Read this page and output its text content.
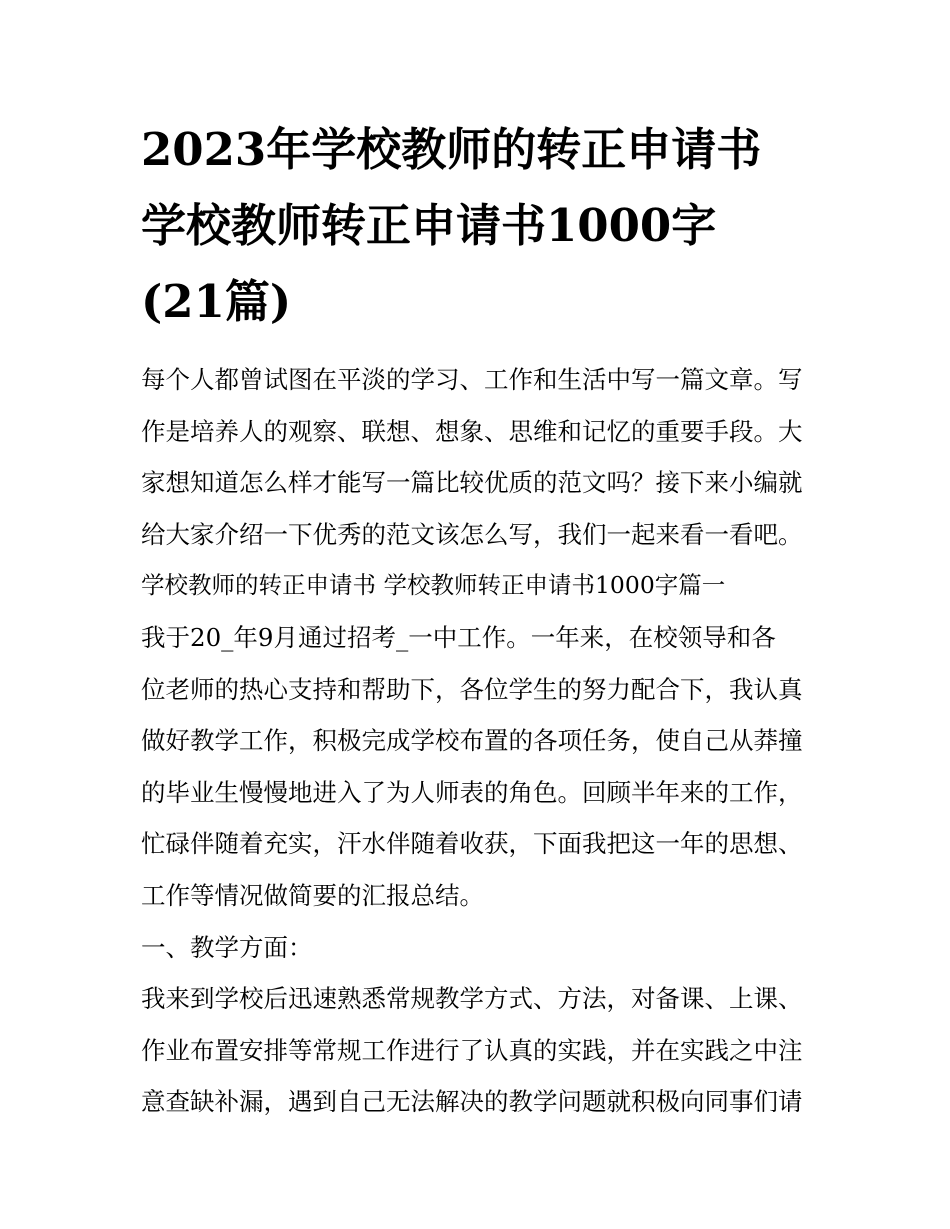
2023年学校教师的转正申请书
学校教师转正申请书1000字
(21篇)
每个人都曾试图在平淡的学习、工作和生活中写一篇文章。写
作是培养人的观察、联想、想象、思维和记忆的重要手段。大
家想知道怎么样才能写一篇比较优质的范文吗？接下来小编就
给大家介绍一下优秀的范文该怎么写，我们一起来看一看吧。
学校教师的转正申请书 学校教师转正申请书1000字篇一
我于20_年9月通过招考_一中工作。一年来，在校领导和各
位老师的热心支持和帮助下，各位学生的努力配合下，我认真
做好教学工作，积极完成学校布置的各项任务，使自己从莽撞
的毕业生慢慢地进入了为人师表的角色。回顾半年来的工作，
忙碌伴随着充实，汗水伴随着收获，下面我把这一年的思想、
工作等情况做简要的汇报总结。
一、教学方面：
我来到学校后迅速熟悉常规教学方式、方法，对备课、上课、
作业布置安排等常规工作进行了认真的实践，并在实践之中注
意查缺补漏，遇到自己无法解决的教学问题就积极向同事们请
